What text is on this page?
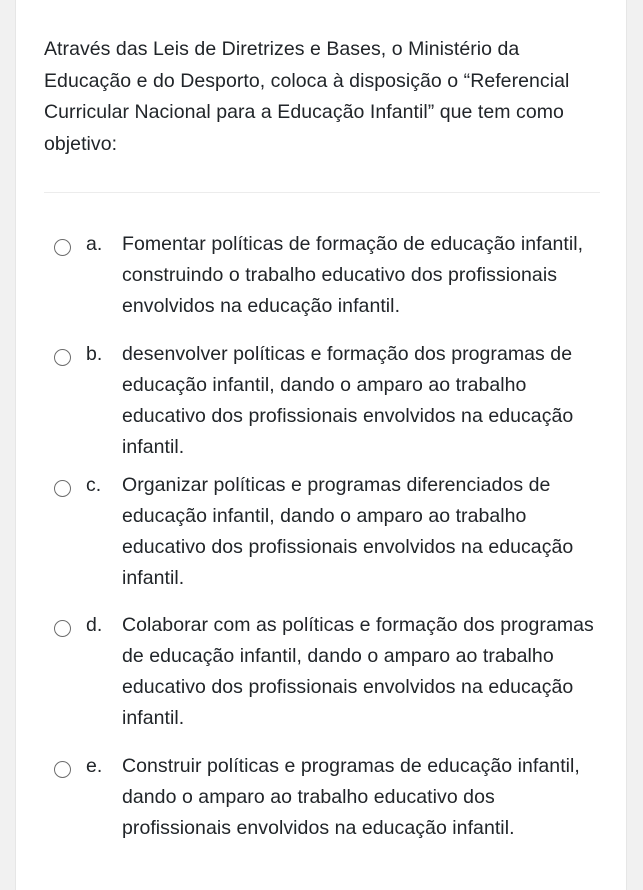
Através das Leis de Diretrizes e Bases, o Ministério da Educação e do Desporto, coloca à disposição o “Referencial Curricular Nacional para a Educação Infantil” que tem como objetivo:
a. Fomentar políticas de formação de educação infantil, construindo o trabalho educativo dos profissionais envolvidos na educação infantil.
b. desenvolver políticas e formação dos programas de educação infantil, dando o amparo ao trabalho educativo dos profissionais envolvidos na educação infantil.
c. Organizar políticas e programas diferenciados de educação infantil, dando o amparo ao trabalho educativo dos profissionais envolvidos na educação infantil.
d. Colaborar com as políticas e formação dos programas de educação infantil, dando o amparo ao trabalho educativo dos profissionais envolvidos na educação infantil.
e. Construir políticas e programas de educação infantil, dando o amparo ao trabalho educativo dos profissionais envolvidos na educação infantil.
